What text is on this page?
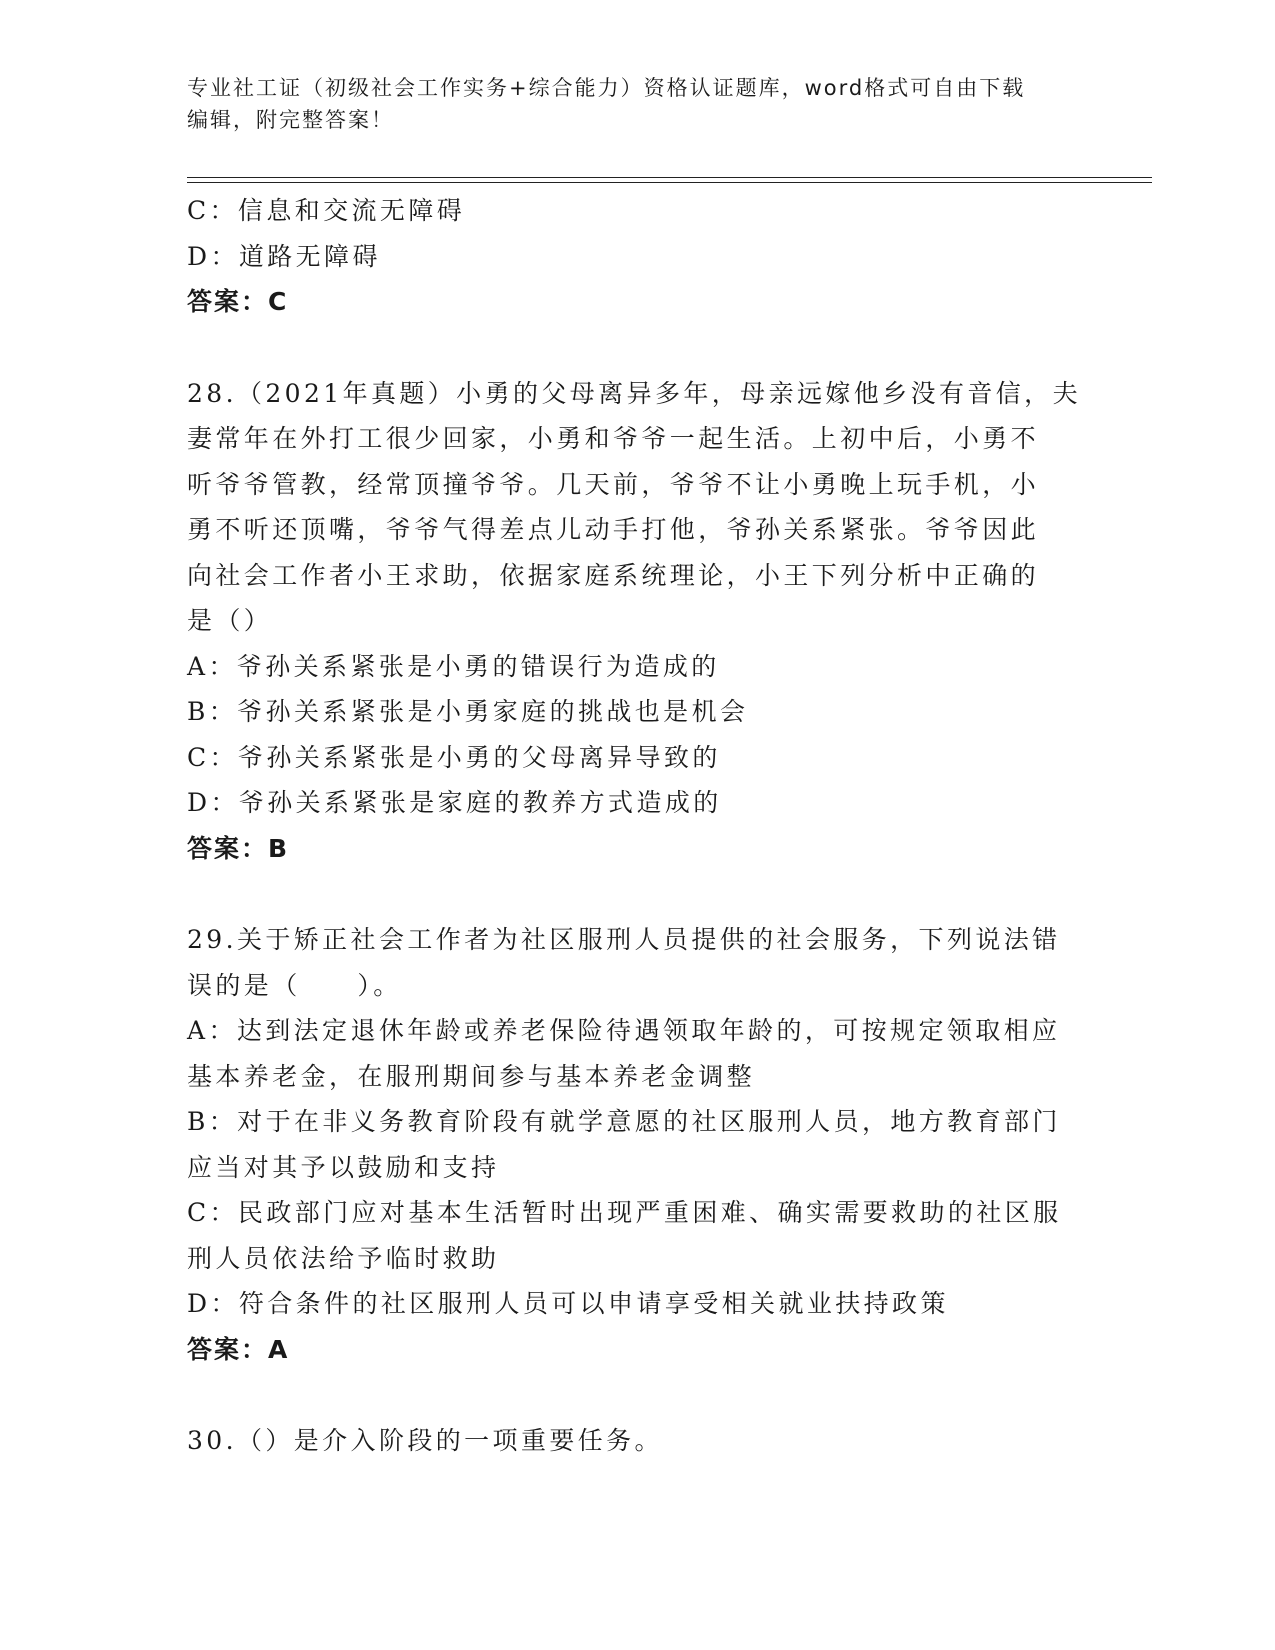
专业社工证（初级社会工作实务+综合能力）资格认证题库，word格式可自由下载
编辑，附完整答案！
C：信息和交流无障碍
D：道路无障碍
答案：C
28.（2021年真题）小勇的父母离异多年，母亲远嫁他乡没有音信，夫
妻常年在外打工很少回家，小勇和爷爷一起生活。上初中后，小勇不
听爷爷管教，经常顶撞爷爷。几天前，爷爷不让小勇晚上玩手机，小
勇不听还顶嘴，爷爷气得差点儿动手打他，爷孙关系紧张。爷爷因此
向社会工作者小王求助，依据家庭系统理论，小王下列分析中正确的
是（）
A：爷孙关系紧张是小勇的错误行为造成的
B：爷孙关系紧张是小勇家庭的挑战也是机会
C：爷孙关系紧张是小勇的父母离异导致的
D：爷孙关系紧张是家庭的教养方式造成的
答案：B
29.关于矫正社会工作者为社区服刑人员提供的社会服务，下列说法错
误的是（　　）。
A：达到法定退休年龄或养老保险待遇领取年龄的，可按规定领取相应
基本养老金，在服刑期间参与基本养老金调整
B：对于在非义务教育阶段有就学意愿的社区服刑人员，地方教育部门
应当对其予以鼓励和支持
C：民政部门应对基本生活暂时出现严重困难、确实需要救助的社区服
刑人员依法给予临时救助
D：符合条件的社区服刑人员可以申请享受相关就业扶持政策
答案：A
30.（）是介入阶段的一项重要任务。
